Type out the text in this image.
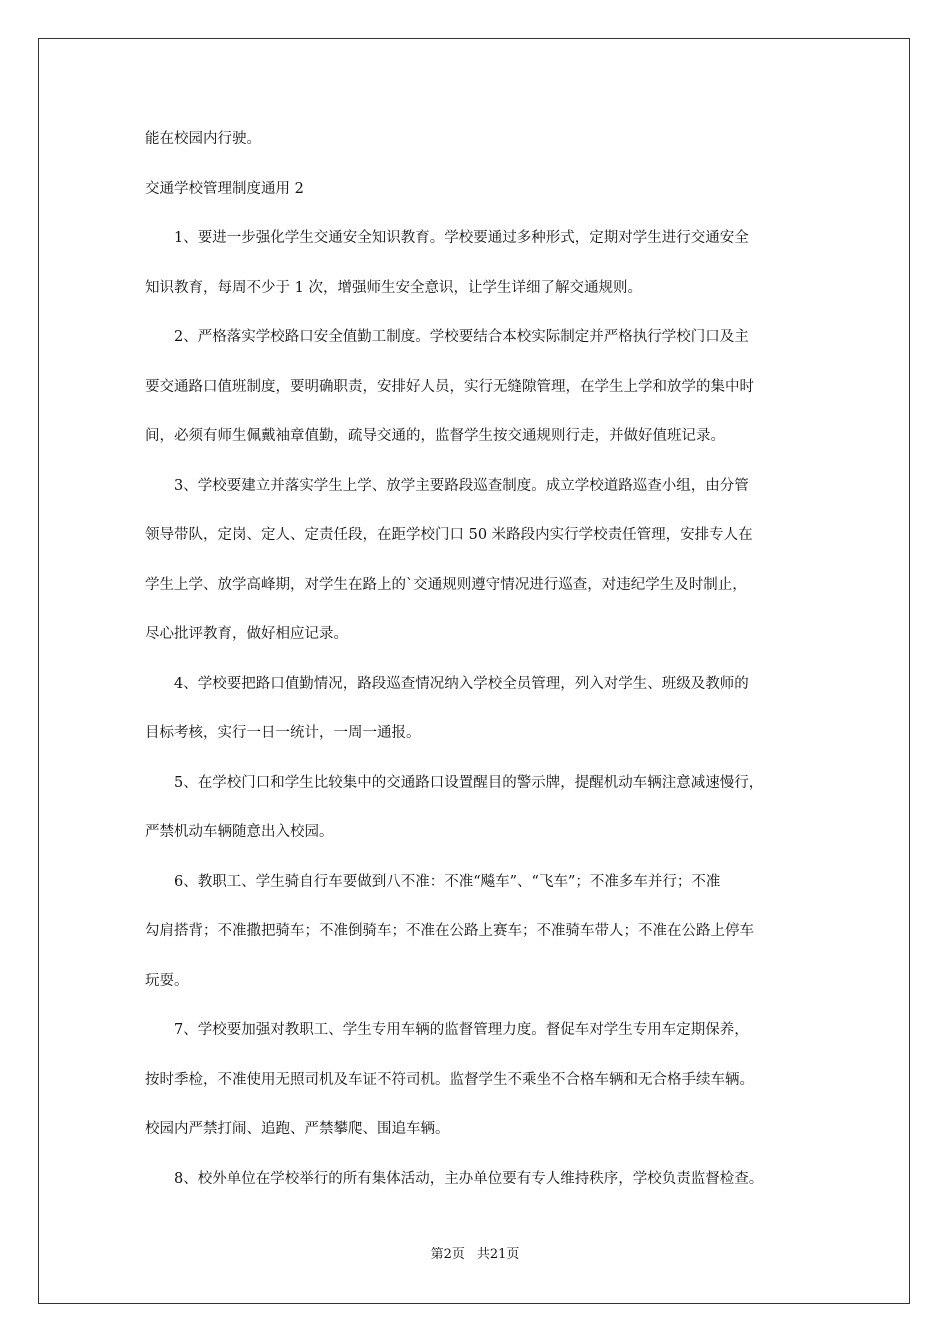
能在校园内行驶。
交通学校管理制度通用 2
1、要进一步强化学生交通安全知识教育。学校要通过多种形式，定期对学生进行交通安全
知识教育，每周不少于 1 次，增强师生安全意识，让学生详细了解交通规则。
2、严格落实学校路口安全值勤工制度。学校要结合本校实际制定并严格执行学校门口及主
要交通路口值班制度，要明确职责，安排好人员，实行无缝隙管理，在学生上学和放学的集中时
间，必须有师生佩戴袖章值勤，疏导交通的，监督学生按交通规则行走，并做好值班记录。
3、学校要建立并落实学生上学、放学主要路段巡查制度。成立学校道路巡查小组，由分管
领导带队，定岗、定人、定责任段，在距学校门口 50 米路段内实行学校责任管理，安排专人在
学生上学、放学高峰期，对学生在路上的`交通规则遵守情况进行巡查，对违纪学生及时制止，
尽心批评教育，做好相应记录。
4、学校要把路口值勤情况，路段巡查情况纳入学校全员管理，列入对学生、班级及教师的
目标考核，实行一日一统计，一周一通报。
5、在学校门口和学生比较集中的交通路口设置醒目的警示牌，提醒机动车辆注意减速慢行，
严禁机动车辆随意出入校园。
6、教职工、学生骑自行车要做到八不准：不准“飚车”、“飞车”；不准多车并行；不准
勾肩搭背；不准撒把骑车；不准倒骑车；不准在公路上赛车；不准骑车带人；不准在公路上停车
玩耍。
7、学校要加强对教职工、学生专用车辆的监督管理力度。督促车对学生专用车定期保养，
按时季检，不准使用无照司机及车证不符司机。监督学生不乘坐不合格车辆和无合格手续车辆。
校园内严禁打闹、追跑、严禁攀爬、围追车辆。
8、校外单位在学校举行的所有集体活动，主办单位要有专人维持秩序，学校负责监督检查。
第2页 共21页
